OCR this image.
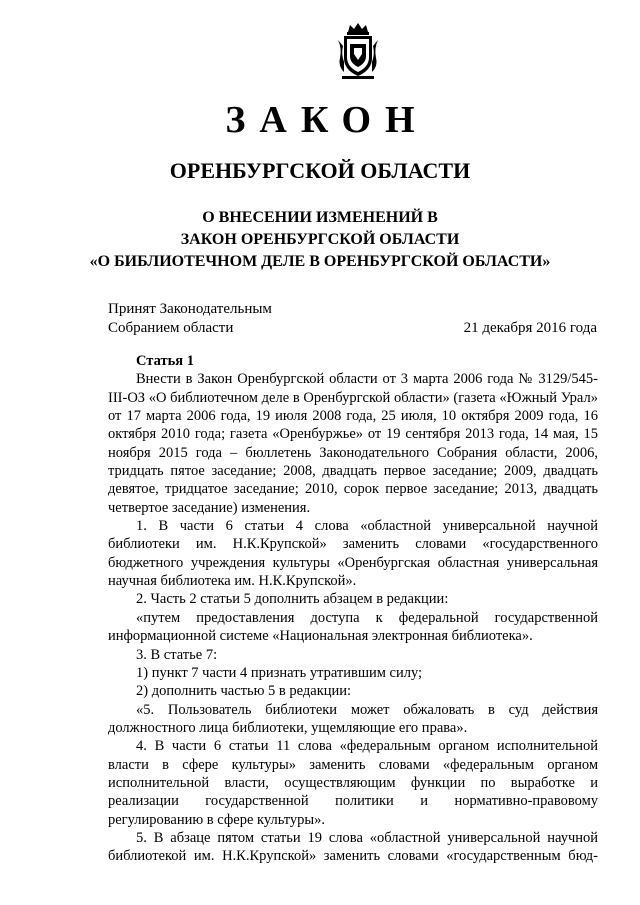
ЗАКОН
ОРЕНБУРГСКОЙ ОБЛАСТИ
О ВНЕСЕНИИ ИЗМЕНЕНИЙ В
ЗАКОН ОРЕНБУРГСКОЙ ОБЛАСТИ
«О БИБЛИОТЕЧНОМ ДЕЛЕ В ОРЕНБУРГСКОЙ ОБЛАСТИ»
Принят Законодательным
Собранием области	21 декабря 2016 года

Статья 1

Внести в Закон Оренбургской области от 3 марта 2006 года № 3129/545-III-ОЗ «О библиотечном деле в Оренбургской области» (газета «Южный Урал» от 17 марта 2006 года, 19 июля 2008 года, 25 июля, 10 октября 2009 года, 16 октября 2010 года; газета «Оренбуржье» от 19 сентября 2013 года, 14 мая, 15 ноября 2015 года – бюллетень Законодательного Собрания области, 2006, тридцать пятое заседание; 2008, двадцать первое заседание; 2009, двадцать девятое, тридцатое заседание; 2010, сорок первое заседание; 2013, двадцать четвертое заседание) изменения.

1. В части 6 статьи 4 слова «областной универсальной научной библиотеки им. Н.К.Крупской» заменить словами «государственного бюджетного учреждения культуры «Оренбургская областная универсальная научная библиотека им. Н.К.Крупской».

2. Часть 2 статьи 5 дополнить абзацем в редакции:

«путем предоставления доступа к федеральной государственной информационной системе «Национальная электронная библиотека».

3. В статье 7:

1) пункт 7 части 4 признать утратившим силу;

2) дополнить частью 5 в редакции:

«5. Пользователь библиотеки может обжаловать в суд действия должностного лица библиотеки, ущемляющие его права».

4. В части 6 статьи 11 слова «федеральным органом исполнительной власти в сфере культуры» заменить словами «федеральным органом исполнительной власти, осуществляющим функции по выработке и реализации государственной политики и нормативно-правовому регулированию в сфере культуры».

5. В абзаце пятом статьи 19 слова «областной универсальной научной библиотекой им. Н.К.Крупской» заменить словами «государственным бюд-
